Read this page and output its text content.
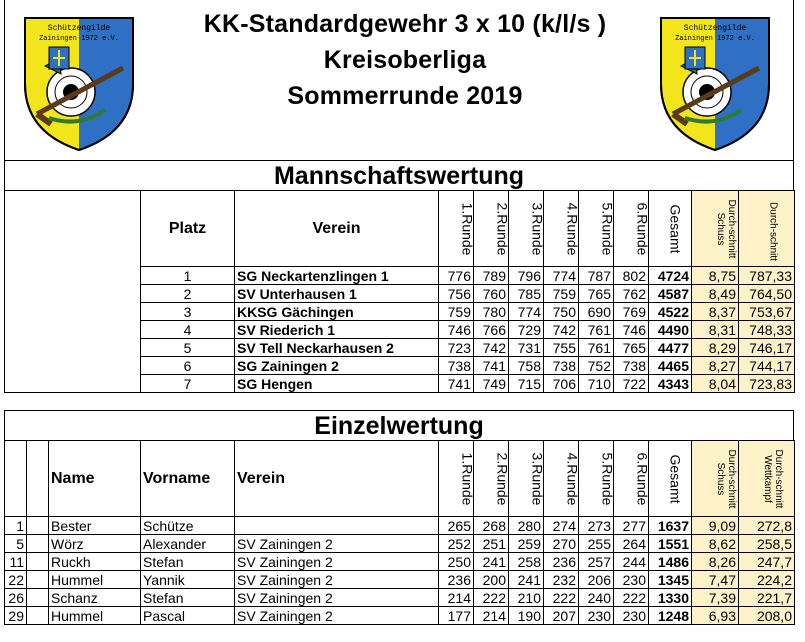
Schützengilde
Zainingen 1972 e.V.
KK-Standardgewehr 3 x 10 (k/l/s )
Kreisoberliga
Sommerrunde 2019
Schützengilde
Zainingen 1972 e.V.
Mannschaftswertung
	Platz	Verein	1.Runde	2.Runde	3.Runde	4.Runde	5.Runde	6.Runde	Gesamt	Durch-schnitt Schuss	Durch-schnitt
	1	SG Neckartenzlingen 1	776	789	796	774	787	802	4724	8,75	787,33
	2	SV Unterhausen 1	756	760	785	759	765	762	4587	8,49	764,50
	3	KKSG Gächingen	759	780	774	750	690	769	4522	8,37	753,67
	4	SV Riederich 1	746	766	729	742	761	746	4490	8,31	748,33
	5	SV Tell Neckarhausen 2	723	742	731	755	761	765	4477	8,29	746,17
	6	SG Zainingen 2	738	741	758	738	752	738	4465	8,27	744,17
	7	SG Hengen	741	749	715	706	710	722	4343	8,04	723,83
Einzelwertung
		Name	Vorname	Verein	1.Runde	2.Runde	3.Runde	4.Runde	5.Runde	6.Runde	Gesamt	Durch-schnitt Schuss	Durch-schnitt Wettkampf
1		Bester	Schütze		265	268	280	274	273	277	1637	9,09	272,8
5		Wörz	Alexander	SV Zainingen 2	252	251	259	270	255	264	1551	8,62	258,5
11		Ruckh	Stefan	SV Zainingen 2	250	241	258	236	257	244	1486	8,26	247,7
22		Hummel	Yannik	SV Zainingen 2	236	200	241	232	206	230	1345	7,47	224,2
26		Schanz	Stefan	SV Zainingen 2	214	222	210	222	240	222	1330	7,39	221,7
29		Hummel	Pascal	SV Zainingen 2	177	214	190	207	230	230	1248	6,93	208,0
